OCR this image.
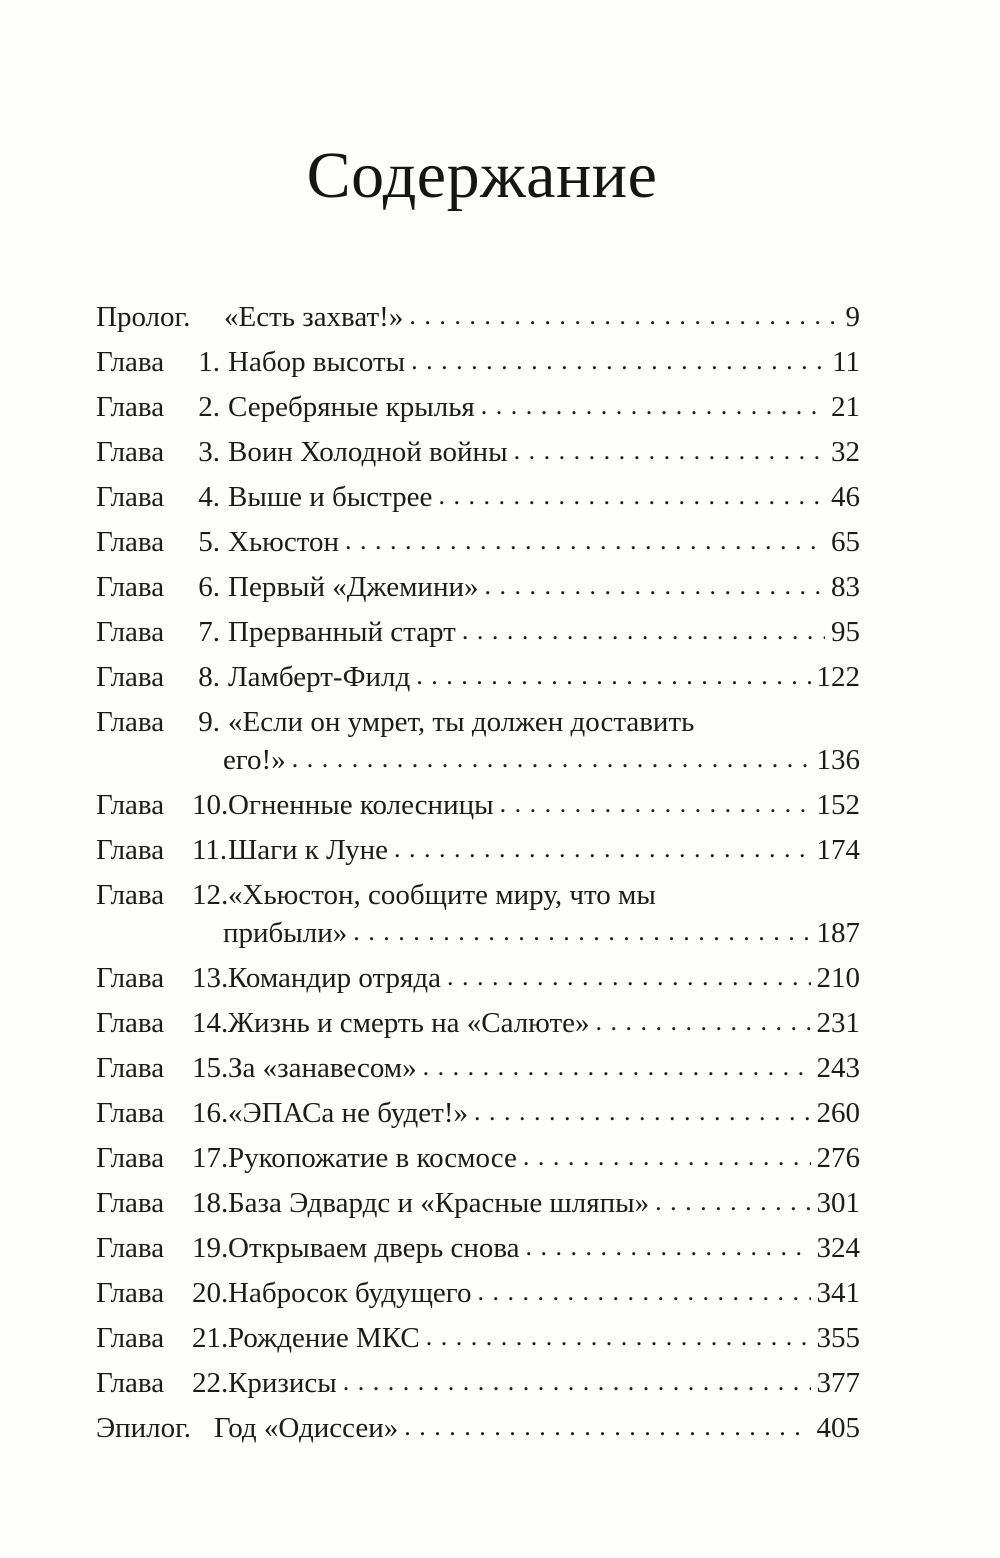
Содержание
Пролог.	«Есть захват!» . . .	9
Глава	1. Набор высоты . . .	11
Глава	2. Серебряные крылья . . .	21
Глава	3. Воин Холодной войны . . .	32
Глава	4. Выше и быстрее . . .	46
Глава	5. Хьюстон . . .	65
Глава	6. Первый «Джемини» . . .	83
Глава	7. Прерванный старт . . .	95
Глава	8. Ламберт-Филд . . .	122
Глава	9. «Если он умрет, ты должен доставить
его!» . . .	136
Глава 10. Огненные колесницы . . .	152
Глава 11. Шаги к Луне . . .	174
Глава 12. «Хьюстон, сообщите миру, что мы
прибыли» . . .	187
Глава 13. Командир отряда . . .	210
Глава 14. Жизнь и смерть на «Салюте» . . .	231
Глава 15. За «занавесом» . . .	243
Глава 16. «ЭПАСа не будет!» . . .	260
Глава 17. Рукопожатие в космосе . . .	276
Глава 18. База Эдвардс и «Красные шляпы» . . .	301
Глава 19. Открываем дверь снова . . .	324
Глава 20. Набросок будущего . . .	341
Глава 21. Рождение МКС . . .	355
Глава 22. Кризисы . . .	377
Эпилог. Год «Одиссеи» . . .	405
